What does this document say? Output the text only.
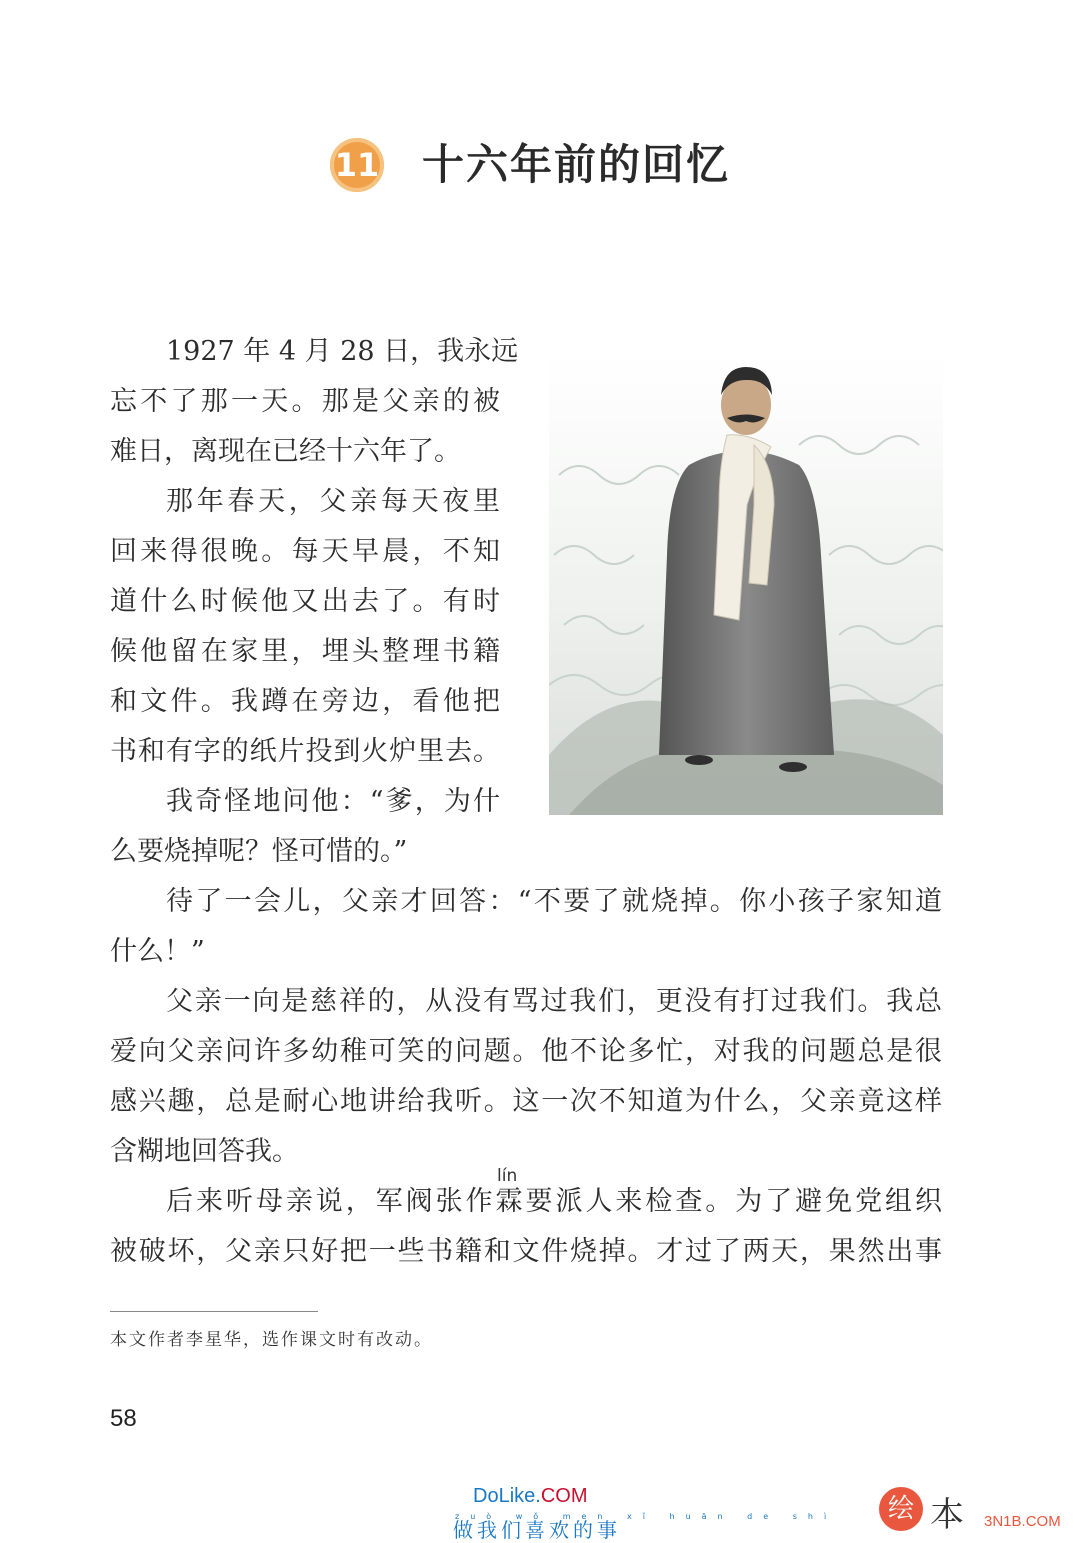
11 十六年前的回忆
1927 年 4 月 28 日，我永远
忘不了那一天。那是父亲的被
难日，离现在已经十六年了。
那年春天，父亲每天夜里
回来得很晚。每天早晨，不知
道什么时候他又出去了。有时
候他留在家里，埋头整理书籍
和文件。我蹲在旁边，看他把
书和有字的纸片投到火炉里去。
我奇怪地问他：“爹，为什
么要烧掉呢？怪可惜的。”
待了一会儿，父亲才回答：“不要了就烧掉。你小孩子家知道
什么！”
父亲一向是慈祥的，从没有骂过我们，更没有打过我们。我总
爱向父亲问许多幼稚可笑的问题。他不论多忙，对我的问题总是很
感兴趣，总是耐心地讲给我听。这一次不知道为什么，父亲竟这样
含糊地回答我。
后来听母亲说，军阀张作霖要派人来检查。为了避免党组织
被破坏，父亲只好把一些书籍和文件烧掉。才过了两天，果然出事
lín
本文作者李星华，选作课文时有改动。
58
DoLike.COM
zuò wǒ men xǐ huān de shì
做我们喜欢的事
绘 本 3N1B.COM
